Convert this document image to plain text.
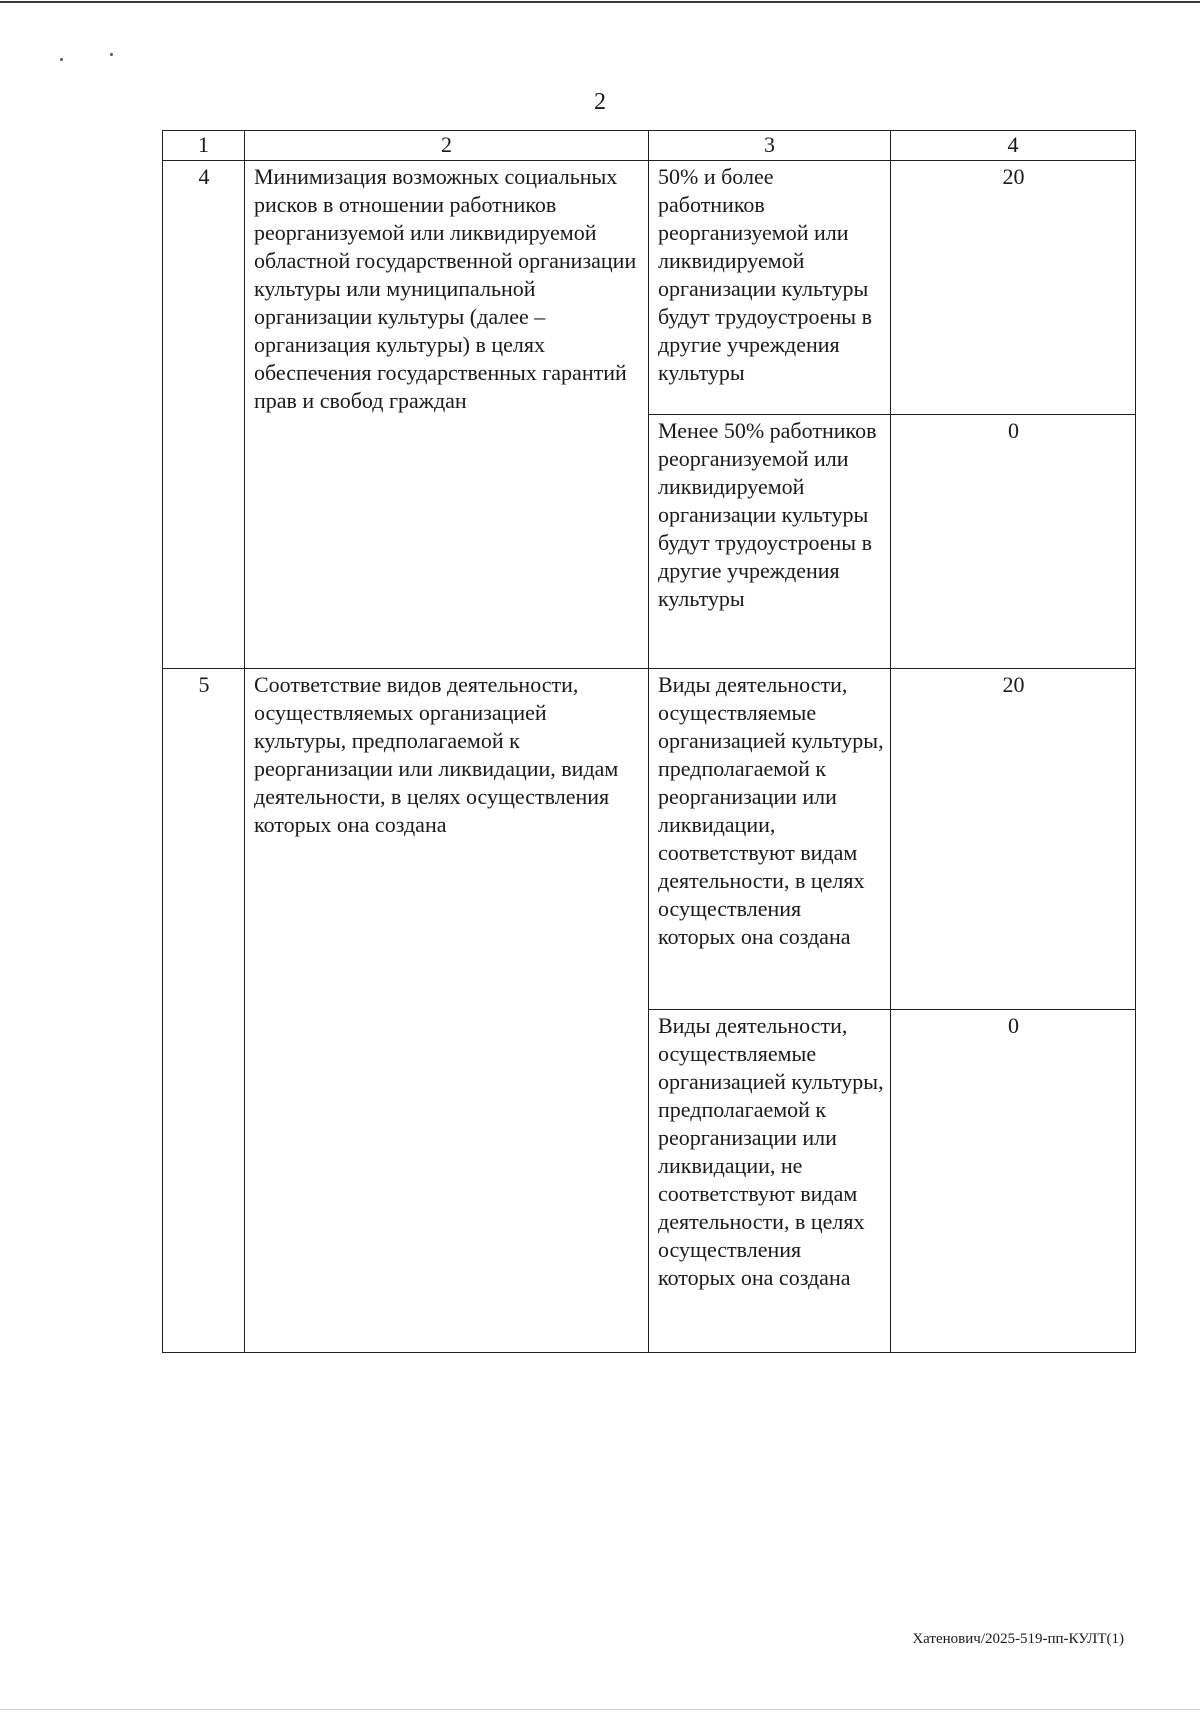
2
1	2	3	4
4	Минимизация возможных социальных рисков в отношении работников реорганизуемой или ликвидируемой областной государственной организации культуры или муниципальной организации культуры (далее – организация культуры) в целях обеспечения государственных гарантий прав и свобод граждан	50% и более работников реорганизуемой или ликвидируемой организации культуры будут трудоустроены в другие учреждения культуры	20
		Менее 50% работников реорганизуемой или ликвидируемой организации культуры будут трудоустроены в другие учреждения культуры	0
5	Соответствие видов деятельности, осуществляемых организацией культуры, предполагаемой к реорганизации или ликвидации, видам деятельности, в целях осуществления которых она создана	Виды деятельности, осуществляемые организацией культуры, предполагаемой к реорганизации или ликвидации, соответствуют видам деятельности, в целях осуществления которых она создана	20
		Виды деятельности, осуществляемые организацией культуры, предполагаемой к реорганизации или ликвидации, не соответствуют видам деятельности, в целях осуществления которых она создана	0
Хатенович/2025-519-пп-КУЛТ(1)
